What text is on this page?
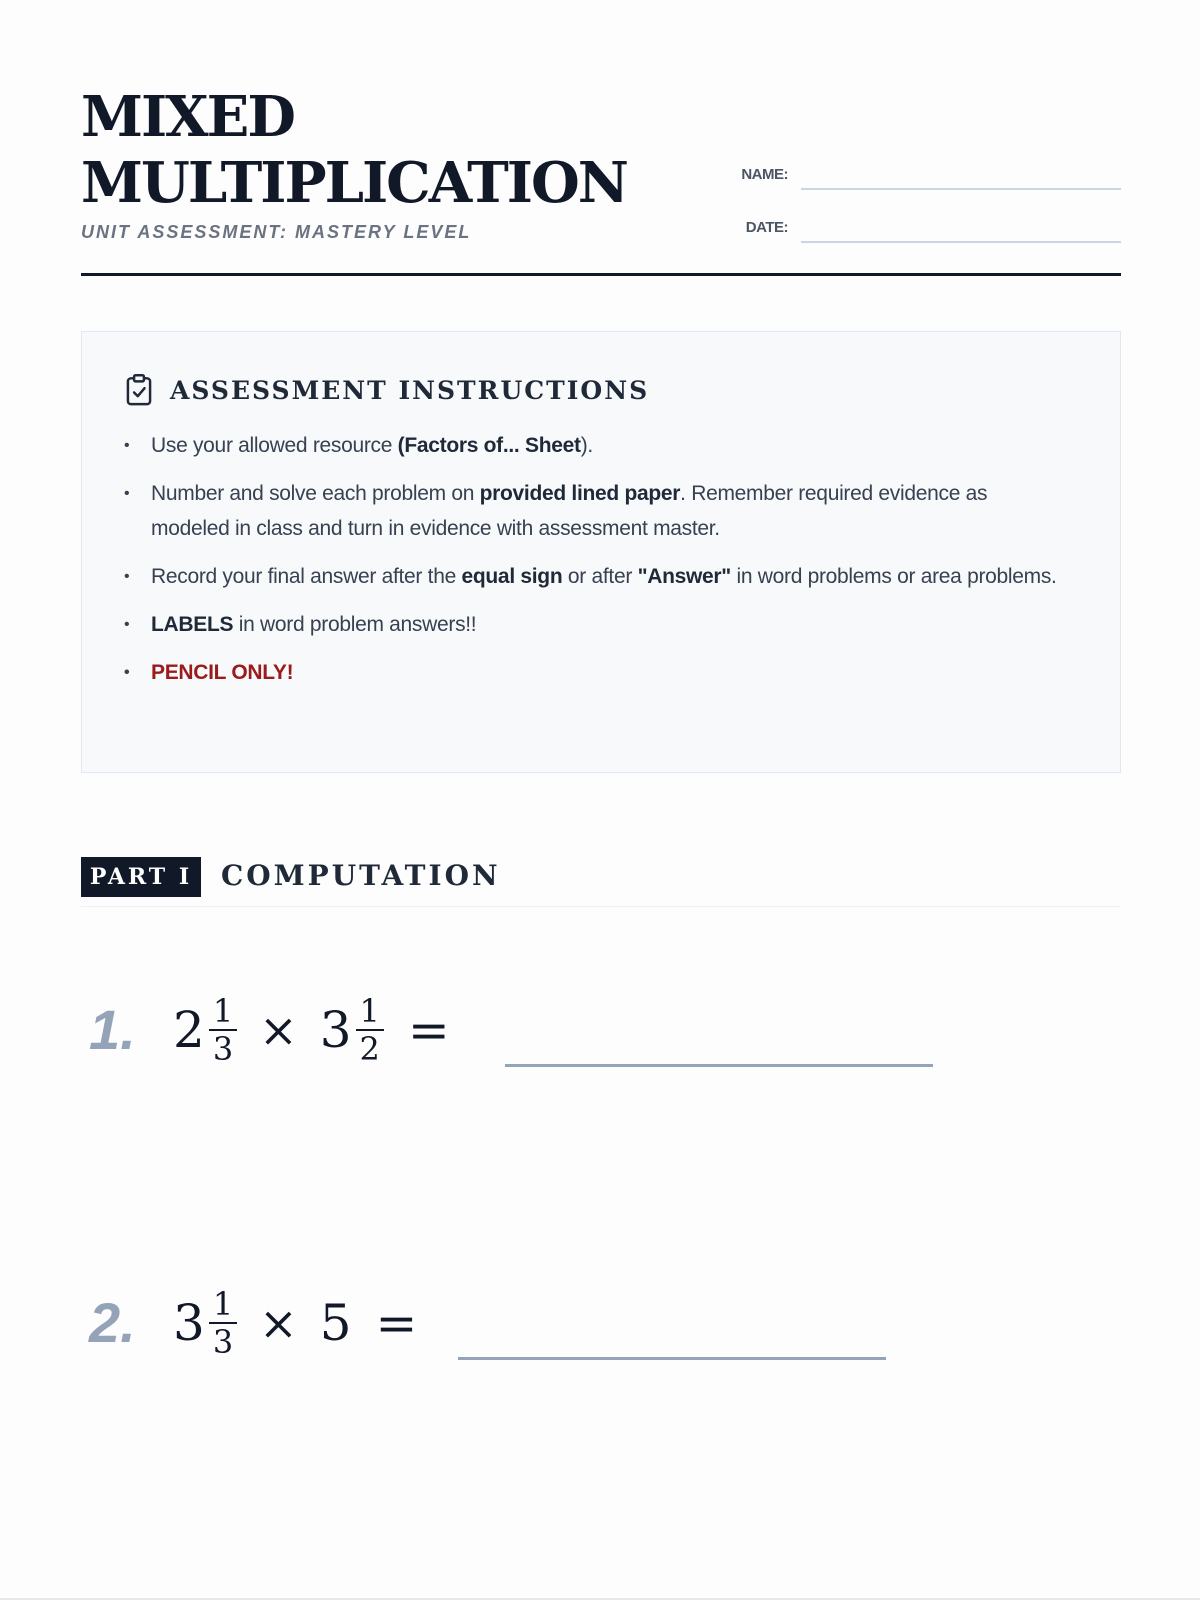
MIXED
MULTIPLICATION
UNIT ASSESSMENT: MASTERY LEVEL
NAME:
DATE:
ASSESSMENT INSTRUCTIONS
• Use your allowed resource (Factors of... Sheet).
• Number and solve each problem on provided lined paper. Remember required evidence as modeled in class and turn in evidence with assessment master.
• Record your final answer after the equal sign or after "Answer" in word problems or area problems.
• LABELS in word problem answers!!
• PENCIL ONLY!
PART I	COMPUTATION
1. $2 \frac{1}{3} \times 3 \frac{1}{2}$ =
2. $3 \frac{1}{3} \times 5$ =
